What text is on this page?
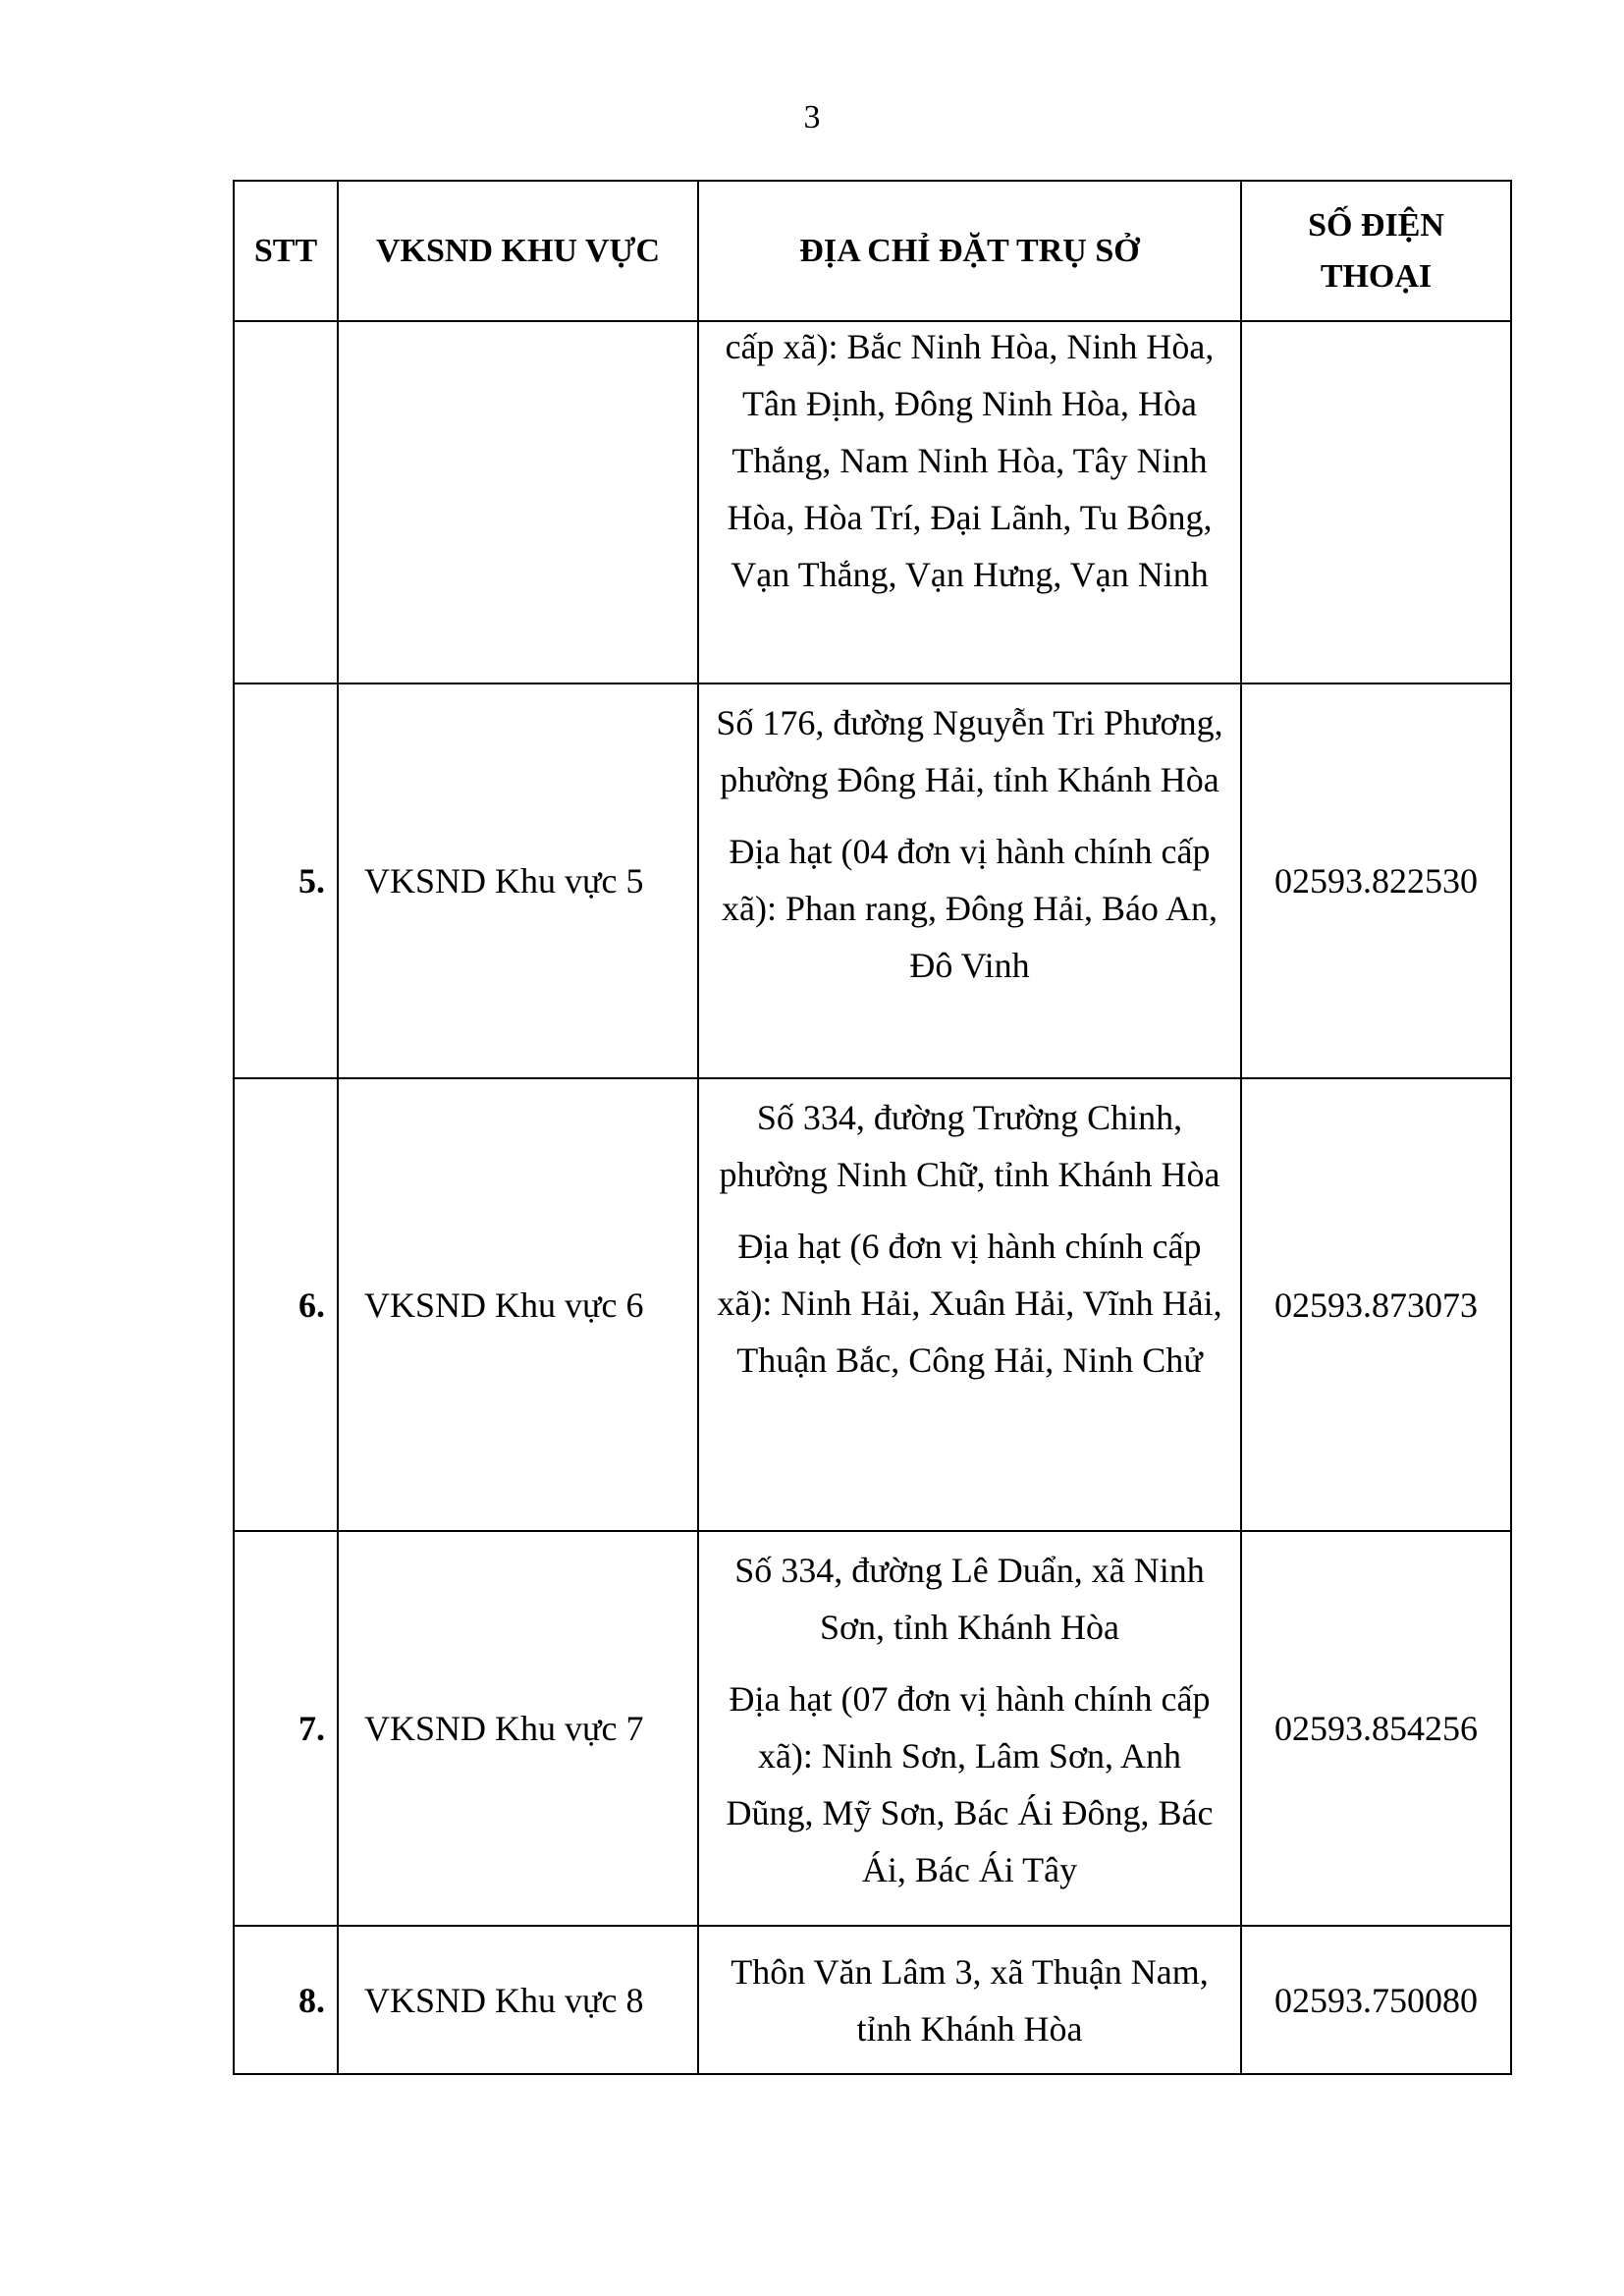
3
STT	VKSND KHU VỰC	ĐỊA CHỈ ĐẶT TRỤ SỞ	SỐ ĐIỆN THOẠI

		cấp xã): Bắc Ninh Hòa, Ninh Hòa, Tân Định, Đông Ninh Hòa, Hòa Thắng, Nam Ninh Hòa, Tây Ninh Hòa, Hòa Trí, Đại Lãnh, Tu Bông, Vạn Thắng, Vạn Hưng, Vạn Ninh	

5.	VKSND Khu vực 5	Số 176, đường Nguyễn Tri Phương, phường Đông Hải, tỉnh Khánh Hòa
Địa hạt (04 đơn vị hành chính cấp xã): Phan rang, Đông Hải, Báo An, Đô Vinh	02593.822530
6.	VKSND Khu vực 6	Số 334, đường Trường Chinh, phường Ninh Chữ, tỉnh Khánh Hòa
Địa hạt (6 đơn vị hành chính cấp xã): Ninh Hải, Xuân Hải, Vĩnh Hải, Thuận Bắc, Công Hải, Ninh Chử	02593.873073
7.	VKSND Khu vực 7	Số 334, đường Lê Duẩn, xã Ninh Sơn, tỉnh Khánh Hòa
Địa hạt (07 đơn vị hành chính cấp xã): Ninh Sơn, Lâm Sơn, Anh Dũng, Mỹ Sơn, Bác Ái Đông, Bác Ái, Bác Ái Tây	02593.854256
8.	VKSND Khu vực 8	Thôn Văn Lâm 3, xã Thuận Nam, tỉnh Khánh Hòa	02593.750080
